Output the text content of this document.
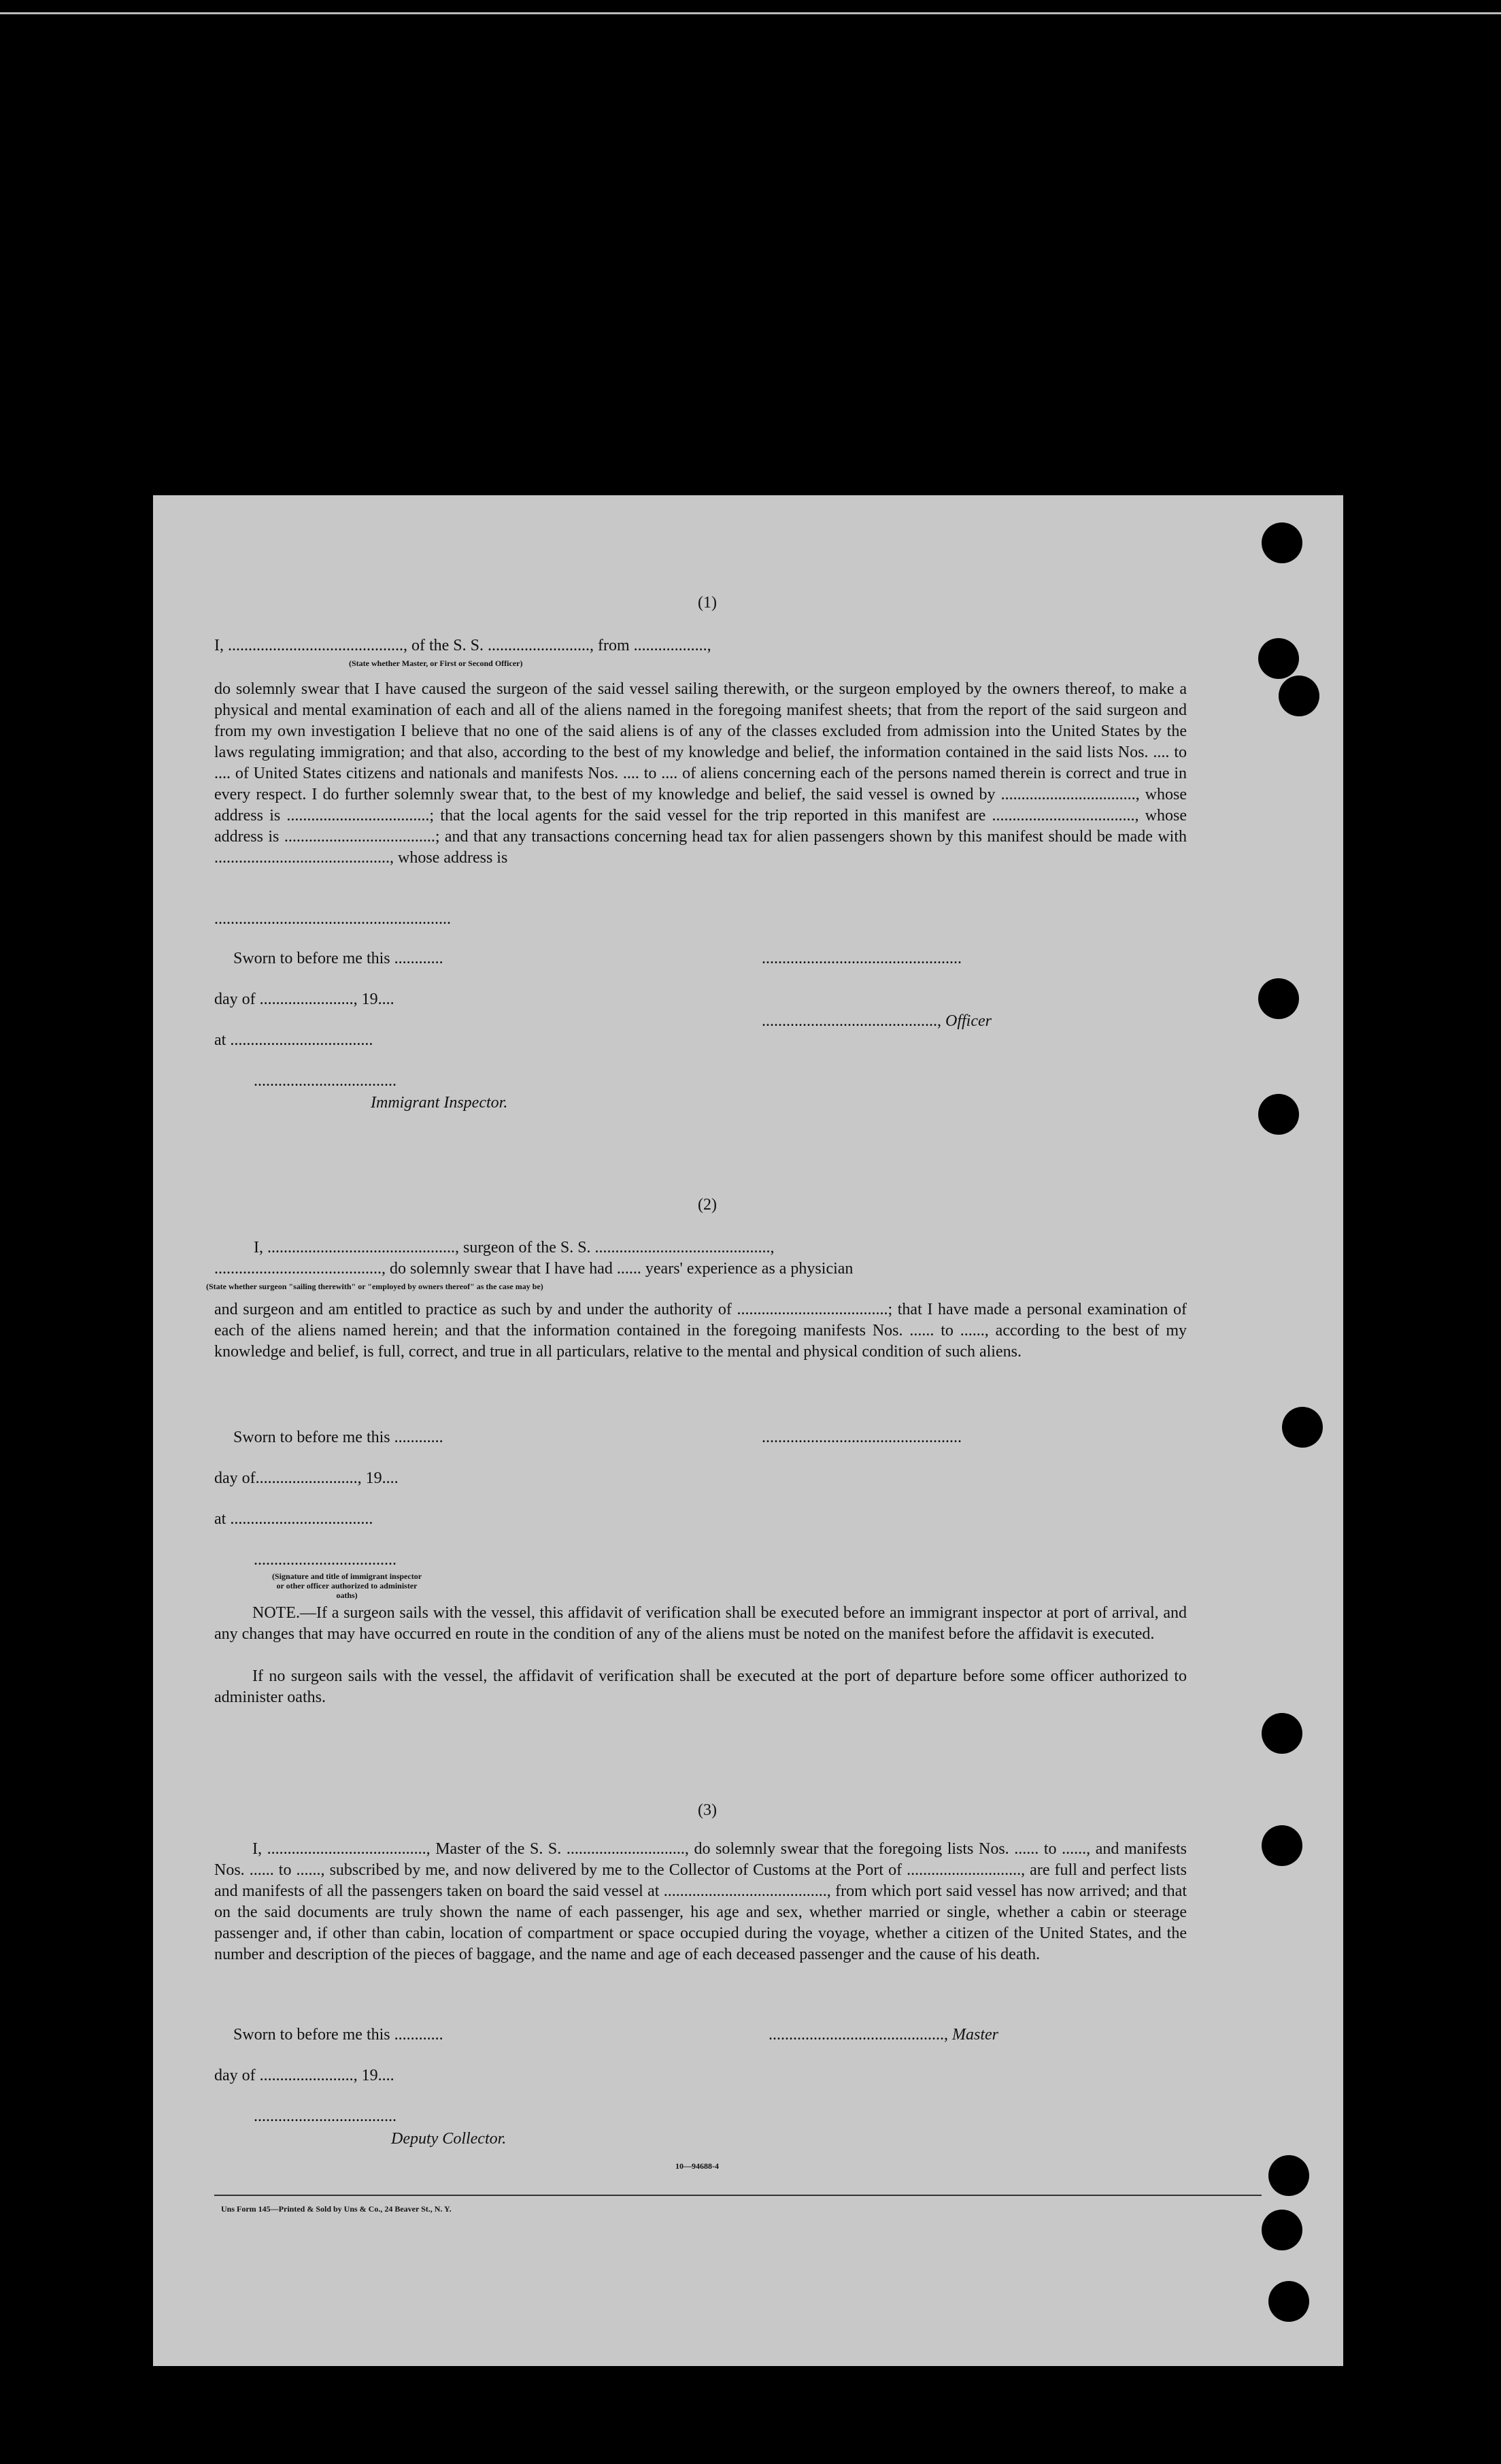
(1)
I, ..........................................., of the S. S. ........................., from ..................,
(State whether Master, or First or Second Officer)
do solemnly swear that I have caused the surgeon of the said vessel sailing therewith, or the surgeon employed by the owners thereof, to make a physical and mental examination of each and all of the aliens named in the foregoing manifest sheets; that from the report of the said surgeon and from my own investigation I believe that no one of the said aliens is of any of the classes excluded from admission into the United States by the laws regulating immigration; and that also, according to the best of my knowledge and belief, the information contained in the said lists Nos. .... to .... of United States citizens and nationals and manifests Nos. .... to .... of aliens concerning each of the persons named therein is correct and true in every respect. I do further solemnly swear that, to the best of my knowledge and belief, the said vessel is owned by ................................., whose address is ...................................; that the local agents for the said vessel for the trip reported in this manifest are ..................................., whose address is .....................................; and that any transactions concerning head tax for alien passengers shown by this manifest should be made with ..........................................., whose address is
..........................................................
Sworn to before me this ............	.................................................
day of ......................., 19....
..........................................., Officer
at ...................................
...................................
Immigrant Inspector.
(2)
I, .............................................., surgeon of the S. S. ...........................................,
........................................., do solemnly swear that I have had ...... years' experience as a physician
(State whether surgeon "sailing therewith" or "employed by owners thereof" as the case may be)
and surgeon and am entitled to practice as such by and under the authority of .....................................; that I have made a personal examination of each of the aliens named herein; and that the information contained in the foregoing manifests Nos. ...... to ......, according to the best of my knowledge and belief, is full, correct, and true in all particulars, relative to the mental and physical condition of such aliens.
Sworn to before me this ............	.................................................
day of........................., 19....
at ...................................
...................................
(Signature and title of immigrant inspector or other officer authorized to administer oaths)
NOTE.—If a surgeon sails with the vessel, this affidavit of verification shall be executed before an immigrant inspector at port of arrival, and any changes that may have occurred en route in the condition of any of the aliens must be noted on the manifest before the affidavit is executed.
If no surgeon sails with the vessel, the affidavit of verification shall be executed at the port of departure before some officer authorized to administer oaths.
(3)
I, ......................................., Master of the S. S. ............................., do solemnly swear that the foregoing lists Nos. ...... to ......, and manifests Nos. ...... to ......, subscribed by me, and now delivered by me to the Collector of Customs at the Port of ............................, are full and perfect lists and manifests of all the passengers taken on board the said vessel at ........................................, from which port said vessel has now arrived; and that on the said documents are truly shown the name of each passenger, his age and sex, whether married or single, whether a cabin or steerage passenger and, if other than cabin, location of compartment or space occupied during the voyage, whether a citizen of the United States, and the number and description of the pieces of baggage, and the name and age of each deceased passenger and the cause of his death.
Sworn to before me this ............	..........................................., Master
day of ......................., 19....
...................................
Deputy Collector.
10—94688-4
Uns Form 145—Printed & Sold by Uns & Co., 24 Beaver St., N. Y.
